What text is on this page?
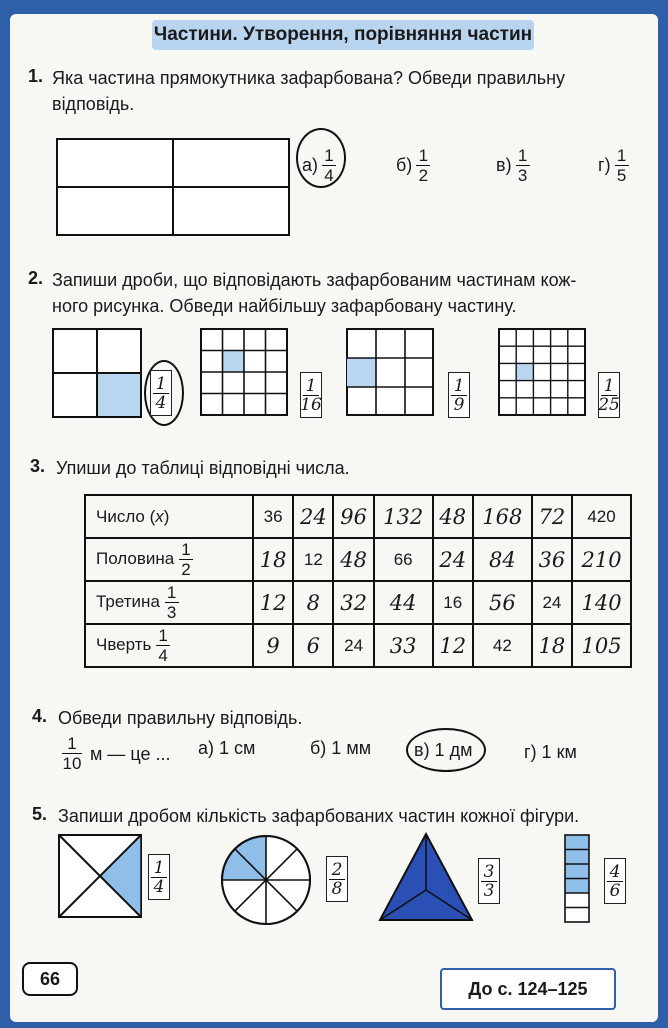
Частини. Утворення, порівняння частин
1. Яка частина прямокутника зафарбована? Обведи правильну
відповідь.
$а) \frac{1}{4}$	$б) \frac{1}{2}$	$в) \frac{1}{3}$	$г) \frac{1}{5}$
2. Запиши дроби, що відповідають зафарбованим частинам кож-
ного рисунка. Обведи найбільшу зафарбовану частину.
1
4
1
16
1
9
1
25
3. Упиши до таблиці відповідні числа.
Число (x)	36	24	96	132	48	168	72	420
Половина $\frac{1}{2}$	18	12	48	66	24	84	36	210
Третина $\frac{1}{3}$	12	8	32	44	16	56	24	140
Чверть $\frac{1}{4}$	9	6	24	33	12	42	18	105
4. Обведи правильну відповідь.
$\frac{1}{10}$ м — це ... а) 1 см	б) 1 мм в) 1 дм	г) 1 км
5. Запиши дробом кількість зафарбованих частин кожної фігури.
1
4
2
8
3
3
4
6
66	До с. 124–125
